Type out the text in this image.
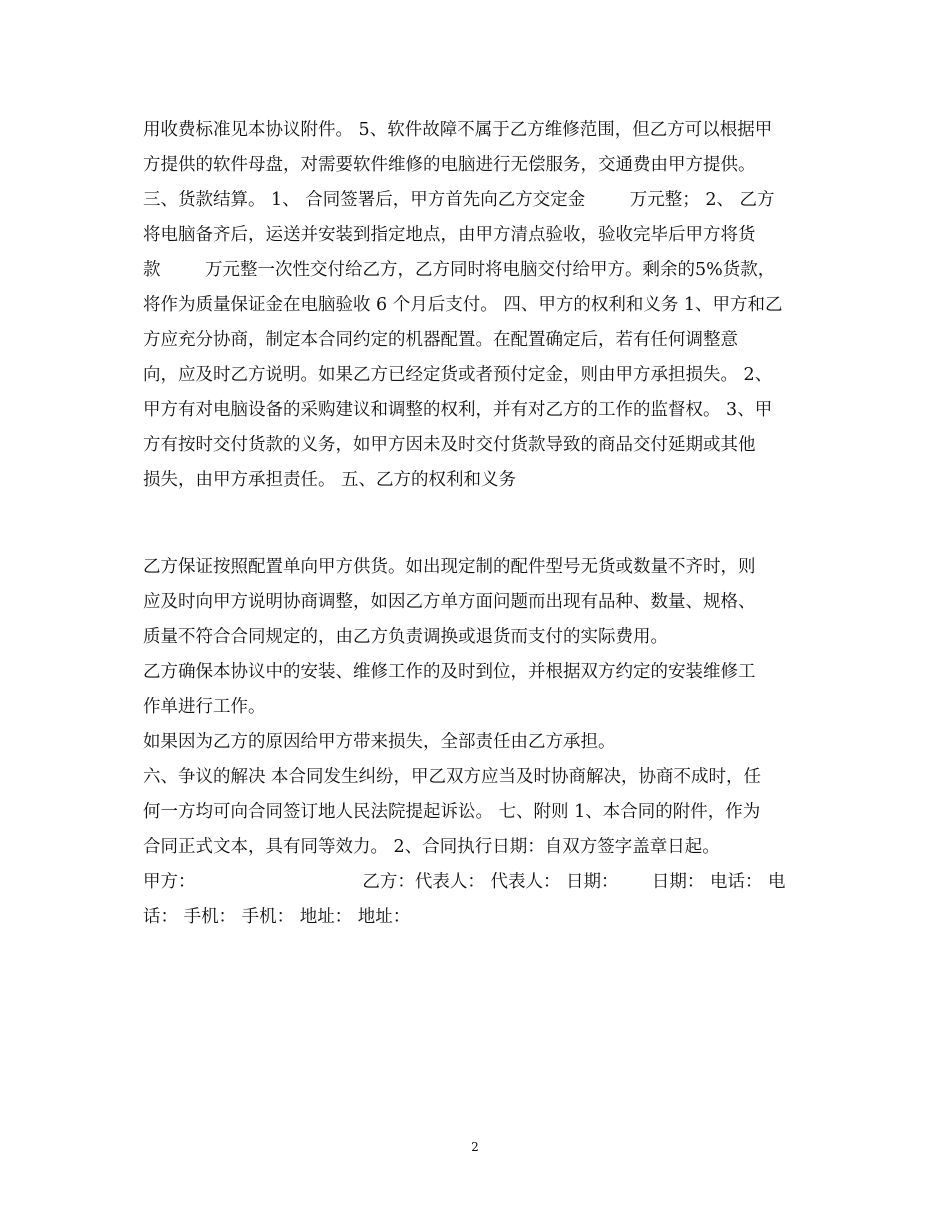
用收费标准见本协议附件。 5、软件故障不属于乙方维修范围，但乙方可以根据甲
方提供的软件母盘，对需要软件维修的电脑进行无偿服务，交通费由甲方提供。
三、货款结算。 1、 合同签署后，甲方首先向乙方交定金        万元整； 2、 乙方
将电脑备齐后，运送并安装到指定地点，由甲方清点验收，验收完毕后甲方将货
款        万元整一次性交付给乙方，乙方同时将电脑交付给甲方。剩余的5%货款，
将作为质量保证金在电脑验收 6 个月后支付。 四、甲方的权利和义务 1、甲方和乙
方应充分协商，制定本合同约定的机器配置。在配置确定后，若有任何调整意
向，应及时乙方说明。如果乙方已经定货或者预付定金，则由甲方承担损失。 2、
甲方有对电脑设备的采购建议和调整的权利，并有对乙方的工作的监督权。 3、甲
方有按时交付货款的义务，如甲方因未及时交付货款导致的商品交付延期或其他
损失，由甲方承担责任。 五、乙方的权利和义务
乙方保证按照配置单向甲方供货。如出现定制的配件型号无货或数量不齐时，则
应及时向甲方说明协商调整，如因乙方单方面问题而出现有品种、数量、规格、
质量不符合合同规定的，由乙方负责调换或退货而支付的实际费用。
乙方确保本协议中的安装、维修工作的及时到位，并根据双方约定的安装维修工
作单进行工作。
如果因为乙方的原因给甲方带来损失，全部责任由乙方承担。
六、争议的解决 本合同发生纠纷，甲乙双方应当及时协商解决，协商不成时，任
何一方均可向合同签订地人民法院提起诉讼。 七、附则 1、本合同的附件，作为
合同正式文本，具有同等效力。 2、合同执行日期：自双方签字盖章日起。
甲方：                              乙方：代表人： 代表人： 日期：      日期： 电话： 电
话： 手机： 手机： 地址： 地址：
2
